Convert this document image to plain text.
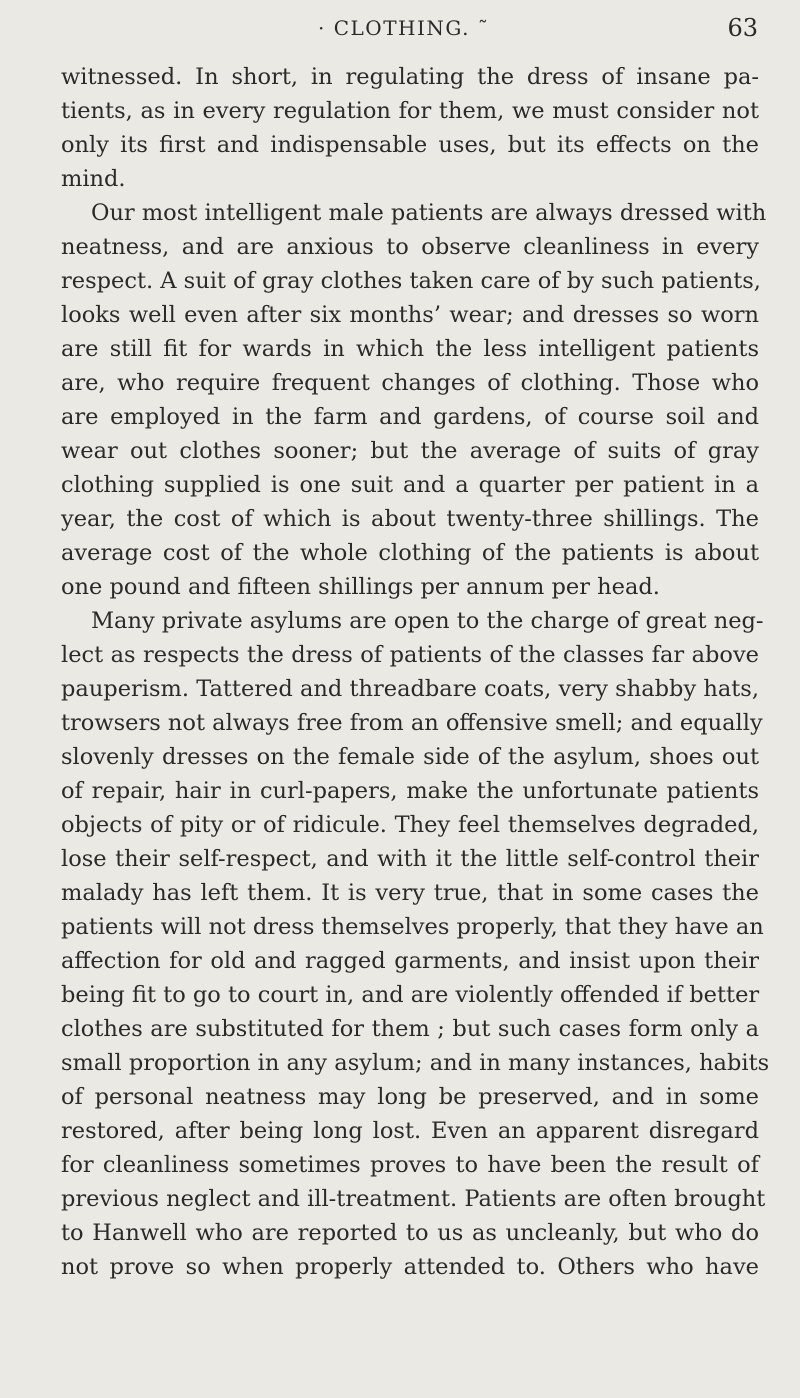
· CLOTHING. ˜	63
witnessed. In short, in regulating the dress of insane pa-
tients, as in every regulation for them, we must consider not
only its first and indispensable uses, but its effects on the
mind.
Our most intelligent male patients are always dressed with
neatness, and are anxious to observe cleanliness in every
respect. A suit of gray clothes taken care of by such patients,
looks well even after six months’ wear; and dresses so worn
are still fit for wards in which the less intelligent patients
are, who require frequent changes of clothing. Those who
are employed in the farm and gardens, of course soil and
wear out clothes sooner; but the average of suits of gray
clothing supplied is one suit and a quarter per patient in a
year, the cost of which is about twenty-three shillings. The
average cost of the whole clothing of the patients is about
one pound and fifteen shillings per annum per head.
Many private asylums are open to the charge of great neg-
lect as respects the dress of patients of the classes far above
pauperism. Tattered and threadbare coats, very shabby hats,
trowsers not always free from an offensive smell; and equally
slovenly dresses on the female side of the asylum, shoes out
of repair, hair in curl-papers, make the unfortunate patients
objects of pity or of ridicule. They feel themselves degraded,
lose their self-respect, and with it the little self-control their
malady has left them. It is very true, that in some cases the
patients will not dress themselves properly, that they have an
affection for old and ragged garments, and insist upon their
being fit to go to court in, and are violently offended if better
clothes are substituted for them ; but such cases form only a
small proportion in any asylum; and in many instances, habits
of personal neatness may long be preserved, and in some
restored, after being long lost. Even an apparent disregard
for cleanliness sometimes proves to have been the result of
previous neglect and ill-treatment. Patients are often brought
to Hanwell who are reported to us as uncleanly, but who do
not prove so when properly attended to. Others who have
